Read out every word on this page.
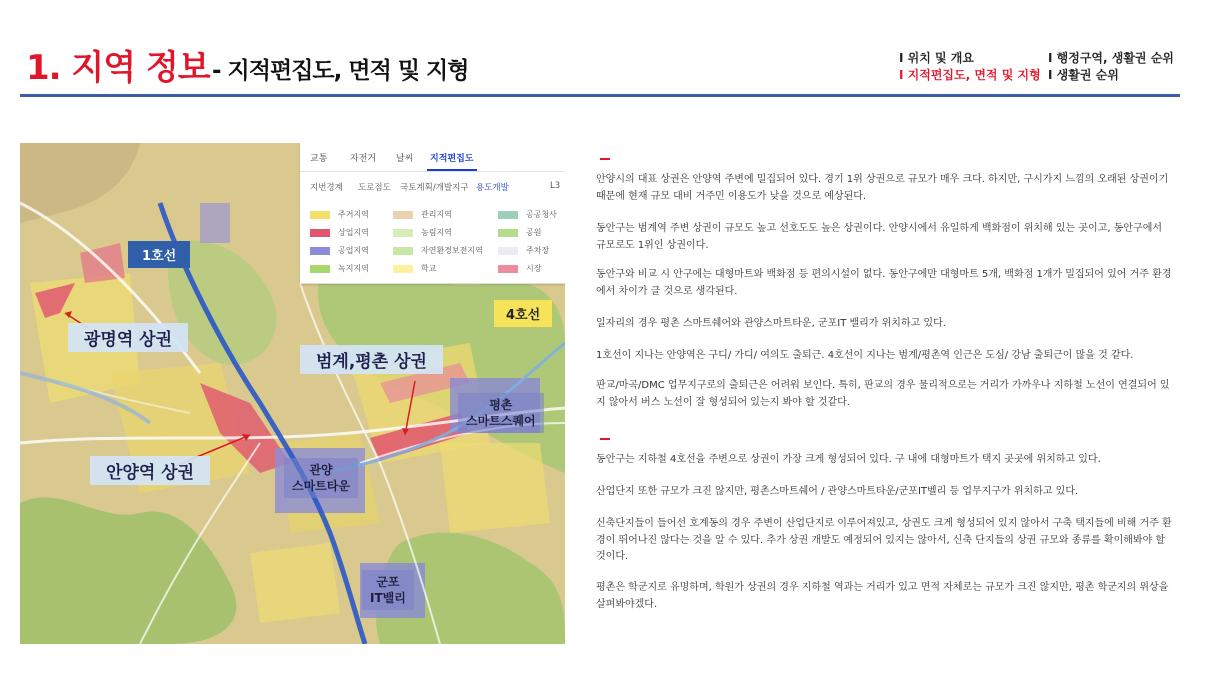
1. 지역 정보 - 지적편집도, 면적 및 지형	I 위치 및 개요
I 지적편집도, 면적 및 지형
I 행정구역, 생활권 순위
I 생활권 순위
1호선
4호선
광명역 상권
범계,평촌 상권
안양역 상권
평촌
스마트스퀘어
관양
스마트타운
군포
IT밸리
교통	자전거 날씨 지적편집도
지번경계 도로점도 국토계획/개발지구 용도개발	L3
주거지역	관리지역	공공청사
상업지역	농림지역	공원
공업지역	자연환경보전지역	주차장
녹지지역	학교	시장
안양시의 대표 상권은 안양역 주변에 밀집되어 있다. 경기 1위 상권으로 규모가 매우 크다. 하지만, 구시가지 느낌의 오래된 상권이기 때문에 현재 규모 대비 거주민 이용도가 낮을 것으로 예상된다.
동안구는 범계역 주변 상권이 규모도 높고 선호도도 높은 상권이다. 안양시에서 유일하게 백화점이 위치해 있는 곳이고, 동안구에서 규모로도 1위인 상권이다.
동안구와 비교 시 안구에는 대형마트와 백화점 등 편의시설이 없다. 동안구에만 대형마트 5개, 백화점 1개가 밀집되어 있어 거주 환경에서 차이가 클 것으로 생각된다.
일자리의 경우 평촌 스마트쉐어와 관양스마트타운, 군포IT 밸리가 위치하고 있다.
1호선이 지나는 안양역은 구디/ 가디/ 여의도 출퇴근. 4호선이 지나는 범계/평촌역 인근은 도심/ 강남 출퇴근이 많을 것 같다.
판교/마곡/DMC 업무지구로의 출퇴근은 어려워 보인다. 특히, 판교의 경우 물리적으로는 거리가 가까우나 지하철 노선이 연결되어 있지 않아서 버스 노선이 잘 형성되어 있는지 봐야 할 것같다.
동안구는 지하철 4호선을 주변으로 상권이 가장 크게 형성되어 있다. 구 내에 대형마트가 택지 곳곳에 위치하고 있다.
산업단지 또한 규모가 크진 않지만, 평촌스마트쉐어 / 관양스마트타운/군포IT벨리 등 업무지구가 위치하고 있다.
신축단지들이 들어선 호계동의 경우 주변이 산업단지로 이루어져있고, 상권도 크게 형성되어 있지 않아서 구축 택지들에 비해 거주 환경이 뛰어나진 않다는 것을 알 수 있다. 추가 상권 개발도 예정되어 있지는 않아서, 신축 단지들의 상권 규모와 종류를 확이해봐야 할 것이다.
평촌은 학군지로 유명하며, 학원가 상권의 경우 지하철 역과는 거리가 있고 면적 자체로는 규모가 크진 않지만, 평촌 학군지의 위상을 살펴봐야겠다.
